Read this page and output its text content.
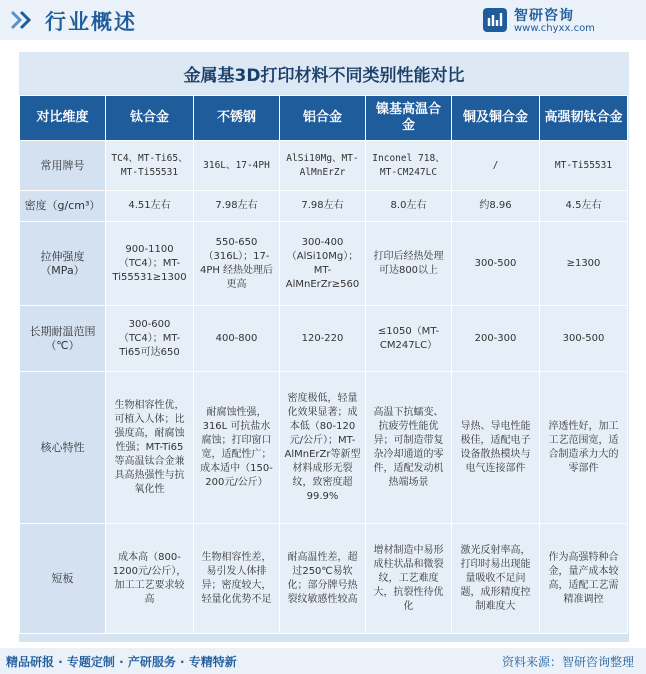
行业概述	智研咨询
www.chyxx.com
金属基3D打印材料不同类别性能对比
对比维度	钛合金	不锈钢	铝合金	镍基高温合金	铜及铜合金	高强韧钛合金
常用牌号	TC4、MT-Ti65、MT-Ti55531	316L、17-4PH	AlSi10Mg、MT-AlMnErZr	Inconel 718、MT-CM247LC	/	MT-Ti55531
密度（g/cm³）	4.51左右	7.98左右	7.98左右	8.0左右	约8.96	4.5左右
拉伸强度（MPa）	900-1100（TC4）；MT-Ti55531≥1300	550-650（316L）；17-4PH 经热处理后更高	300-400（AlSi10Mg）；MT-AlMnErZr≥560	打印后经热处理可达800以上	300-500	≥1300
长期耐温范围（℃）	300-600（TC4）；MT-Ti65可达650	400-800	120-220	≤1050（MT-CM247LC）	200-300	300-500
核心特性	生物相容性优，可植入人体；比强度高，耐腐蚀性强；MT-Ti65 等高温钛合金兼具高热强性与抗氧化性	耐腐蚀性强，316L 可抗盐水腐蚀；打印窗口宽，适配性广；成本适中（150-200元/公斤）	密度极低，轻量化效果显著；成本低（80-120元/公斤）；MT-AlMnErZr等新型材料成形无裂纹，致密度超99.9%	高温下抗蠕变、抗疲劳性能优异；可制造带复杂冷却通道的零件，适配发动机热端场景	导热、导电性能极佳，适配电子设备散热模块与电气连接部件	淬透性好，加工工艺范围宽，适合制造承力大的零部件
短板	成本高（800-1200元/公斤），加工工艺要求较高	生物相容性差，易引发人体排异；密度较大，轻量化优势不足	耐高温性差，超过250℃易软化；部分牌号热裂纹敏感性较高	增材制造中易形成柱状晶和微裂纹，工艺难度大，抗裂性待优化	激光反射率高，打印时易出现能量吸收不足问题，成形精度控制难度大	作为高强特种合金，量产成本较高，适配工艺需精准调控
精品研报 · 专题定制 · 产研服务 · 专精特新	资料来源：智研咨询整理
